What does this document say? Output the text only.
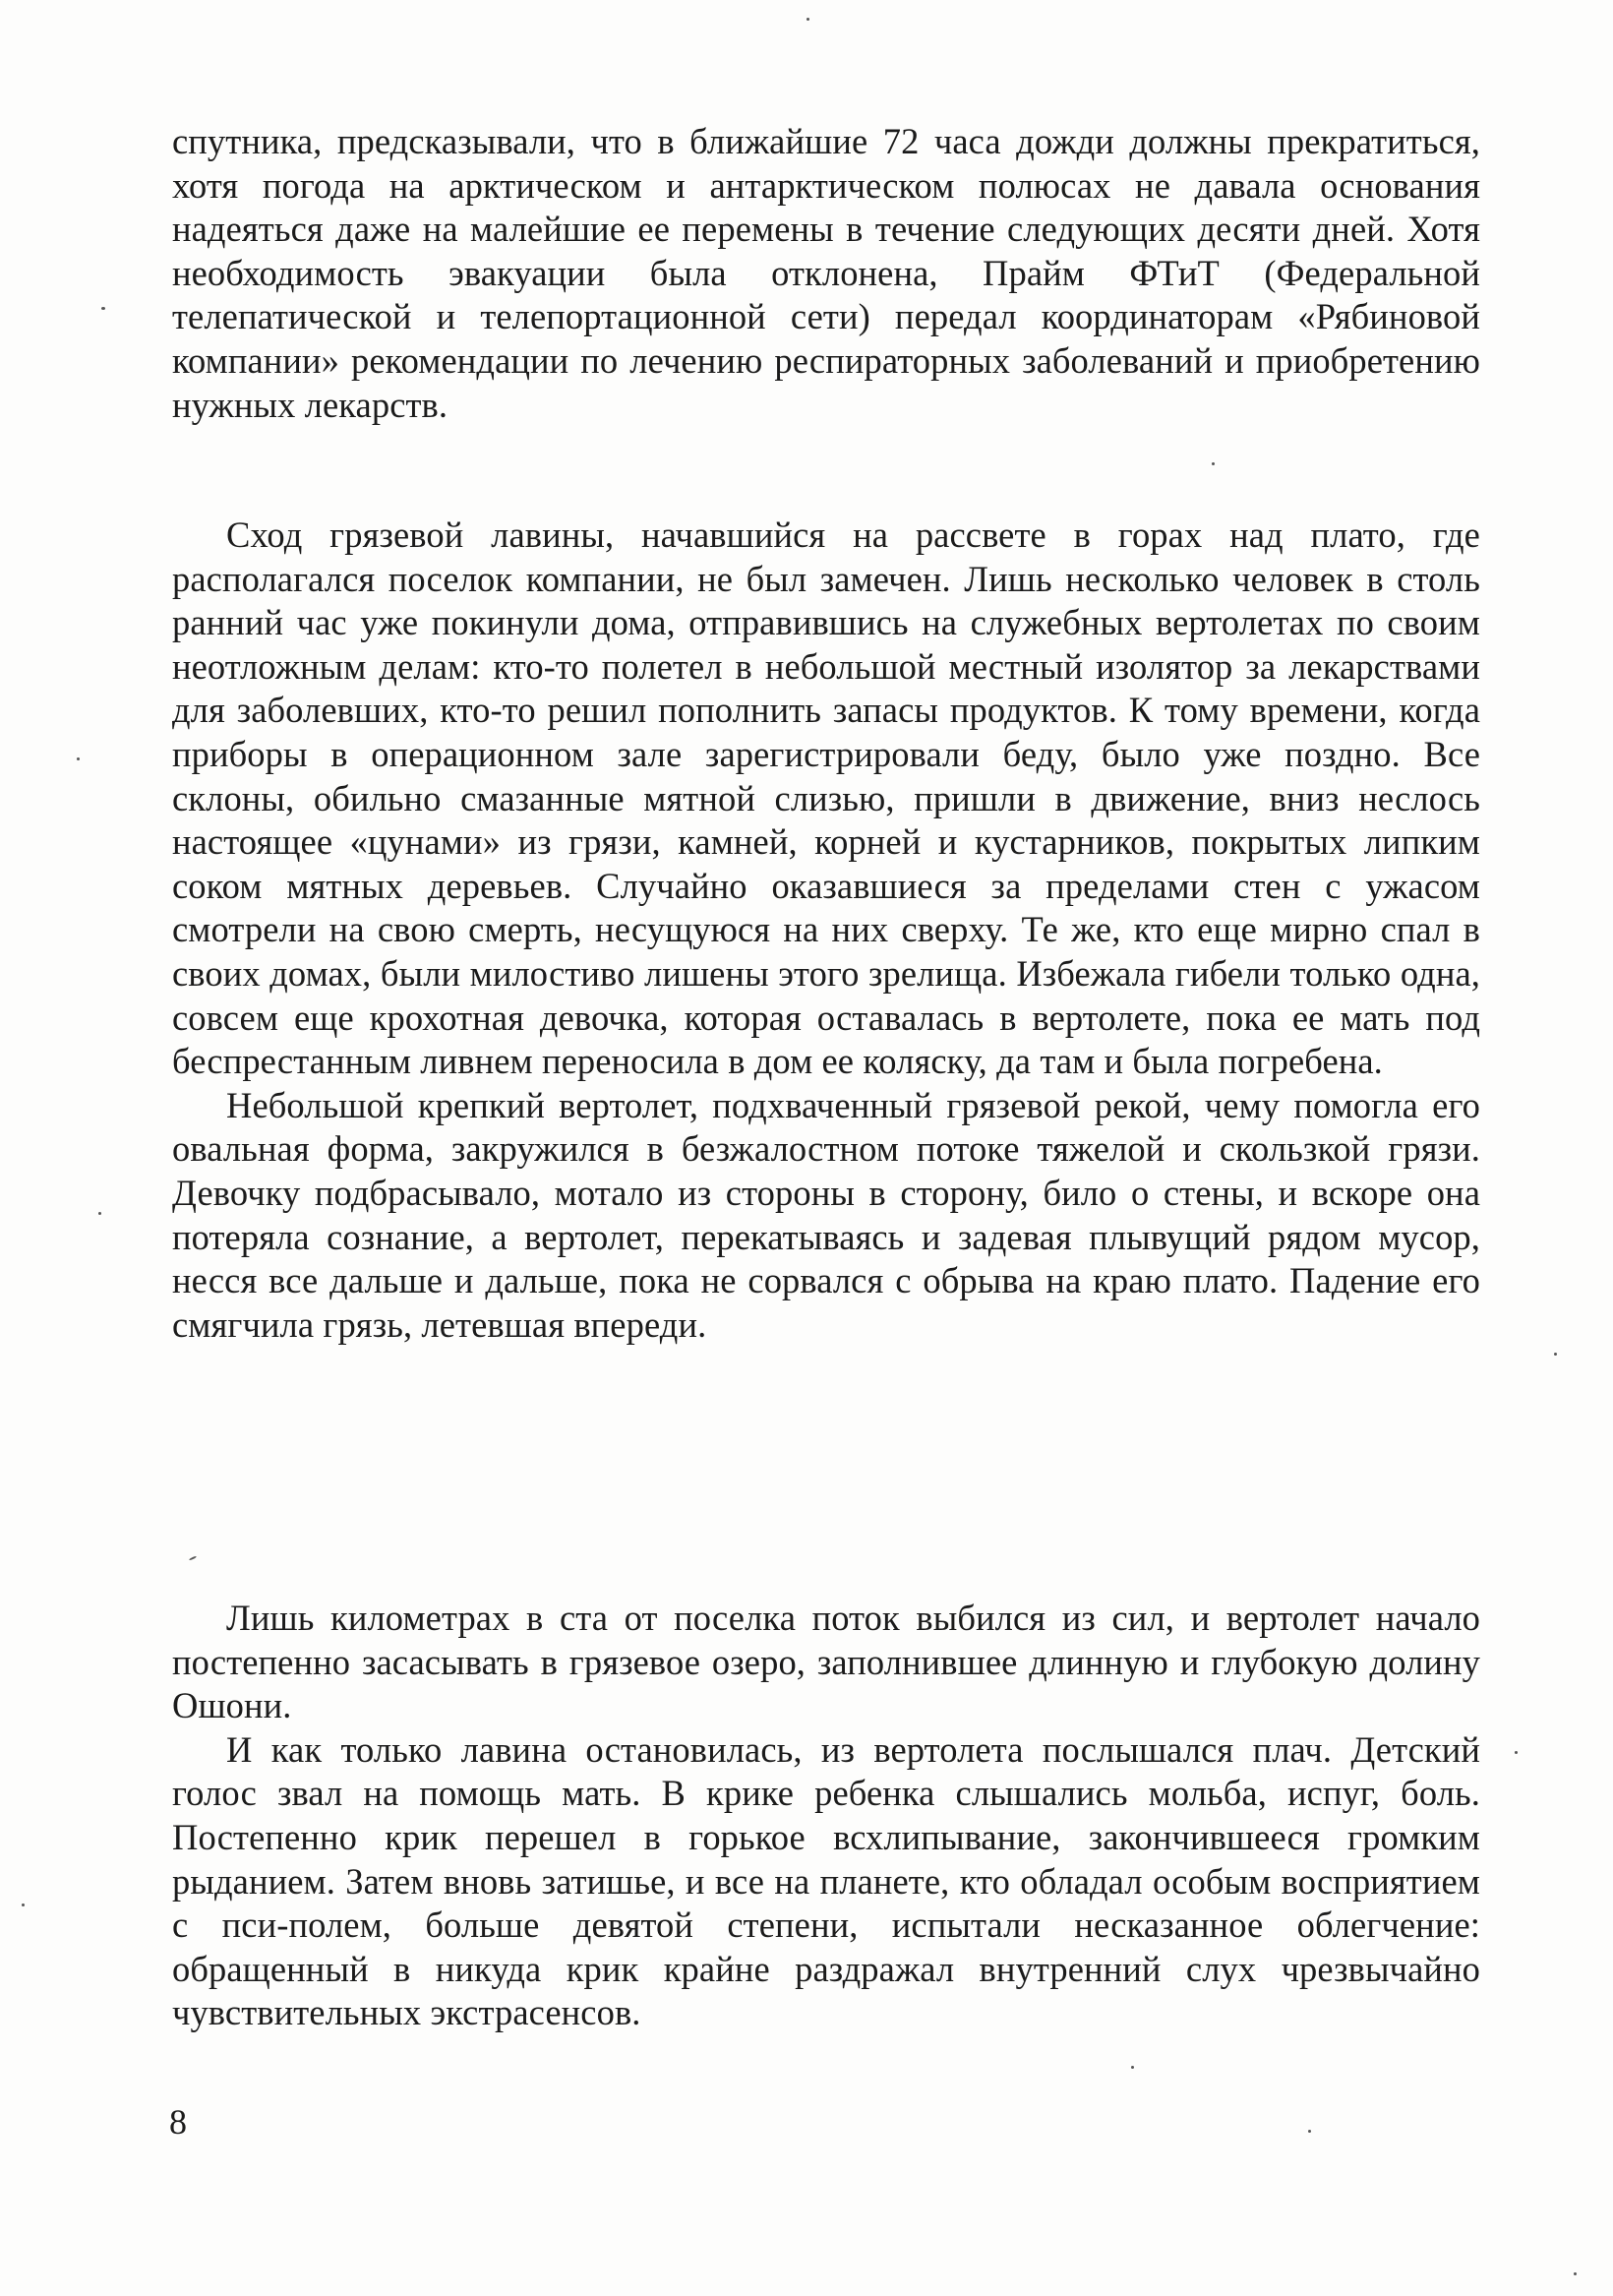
спутника, предсказывали, что в ближайшие 72 часа дожди должны прекратиться, хотя погода на арктическом и антарктическом полюсах не давала основания надеяться даже на малейшие ее перемены в течение следующих десяти дней. Хотя необходимость эвакуации была отклонена, Прайм ФТиТ (Федеральной телепатической и телепортационной сети) передал координаторам «Рябиновой компании» рекомендации по лечению респираторных заболеваний и приобретению нужных лекарств.

Сход грязевой лавины, начавшийся на рассвете в горах над плато, где располагался поселок компании, не был замечен. Лишь несколько человек в столь ранний час уже покинули дома, отправившись на служебных вертолетах по своим неотложным делам: кто-то полетел в небольшой местный изолятор за лекарствами для заболевших, кто-то решил пополнить запасы продуктов. К тому времени, когда приборы в операционном зале зарегистрировали беду, было уже поздно. Все склоны, обильно смазанные мятной слизью, пришли в движение, вниз неслось настоящее «цунами» из грязи, камней, корней и кустарников, покрытых липким соком мятных деревьев. Случайно оказавшиеся за пределами стен с ужасом смотрели на свою смерть, несущуюся на них сверху. Те же, кто еще мирно спал в своих домах, были милостиво лишены этого зрелища. Избежала гибели только одна, совсем еще крохотная девочка, которая оставалась в вертолете, пока ее мать под беспрестанным ливнем переносила в дом ее коляску, да там и была погребена.

Небольшой крепкий вертолет, подхваченный грязевой рекой, чему помогла его овальная форма, закружился в безжалостном потоке тяжелой и скользкой грязи. Девочку подбрасывало, мотало из стороны в сторону, било о стены, и вскоре она потеряла сознание, а вертолет, перекатываясь и задевая плывущий рядом мусор, несся все дальше и дальше, пока не сорвался с обрыва на краю плато. Падение его смягчила грязь, летевшая впереди.

Лишь километрах в ста от поселка поток выбился из сил, и вертолет начало постепенно засасывать в грязевое озеро, заполнившее длинную и глубокую долину Ошони.

И как только лавина остановилась, из вертолета послышался плач. Детский голос звал на помощь мать. В крике ребенка слышались мольба, испуг, боль. Постепенно крик перешел в горькое всхлипывание, закончившееся громким рыданием. Затем вновь затишье, и все на планете, кто обладал особым восприятием с пси-полем, больше девятой степени, испытали несказанное облегчение: обращенный в никуда крик крайне раздражал внутренний слух чрезвычайно чувствительных экстрасенсов.

8
